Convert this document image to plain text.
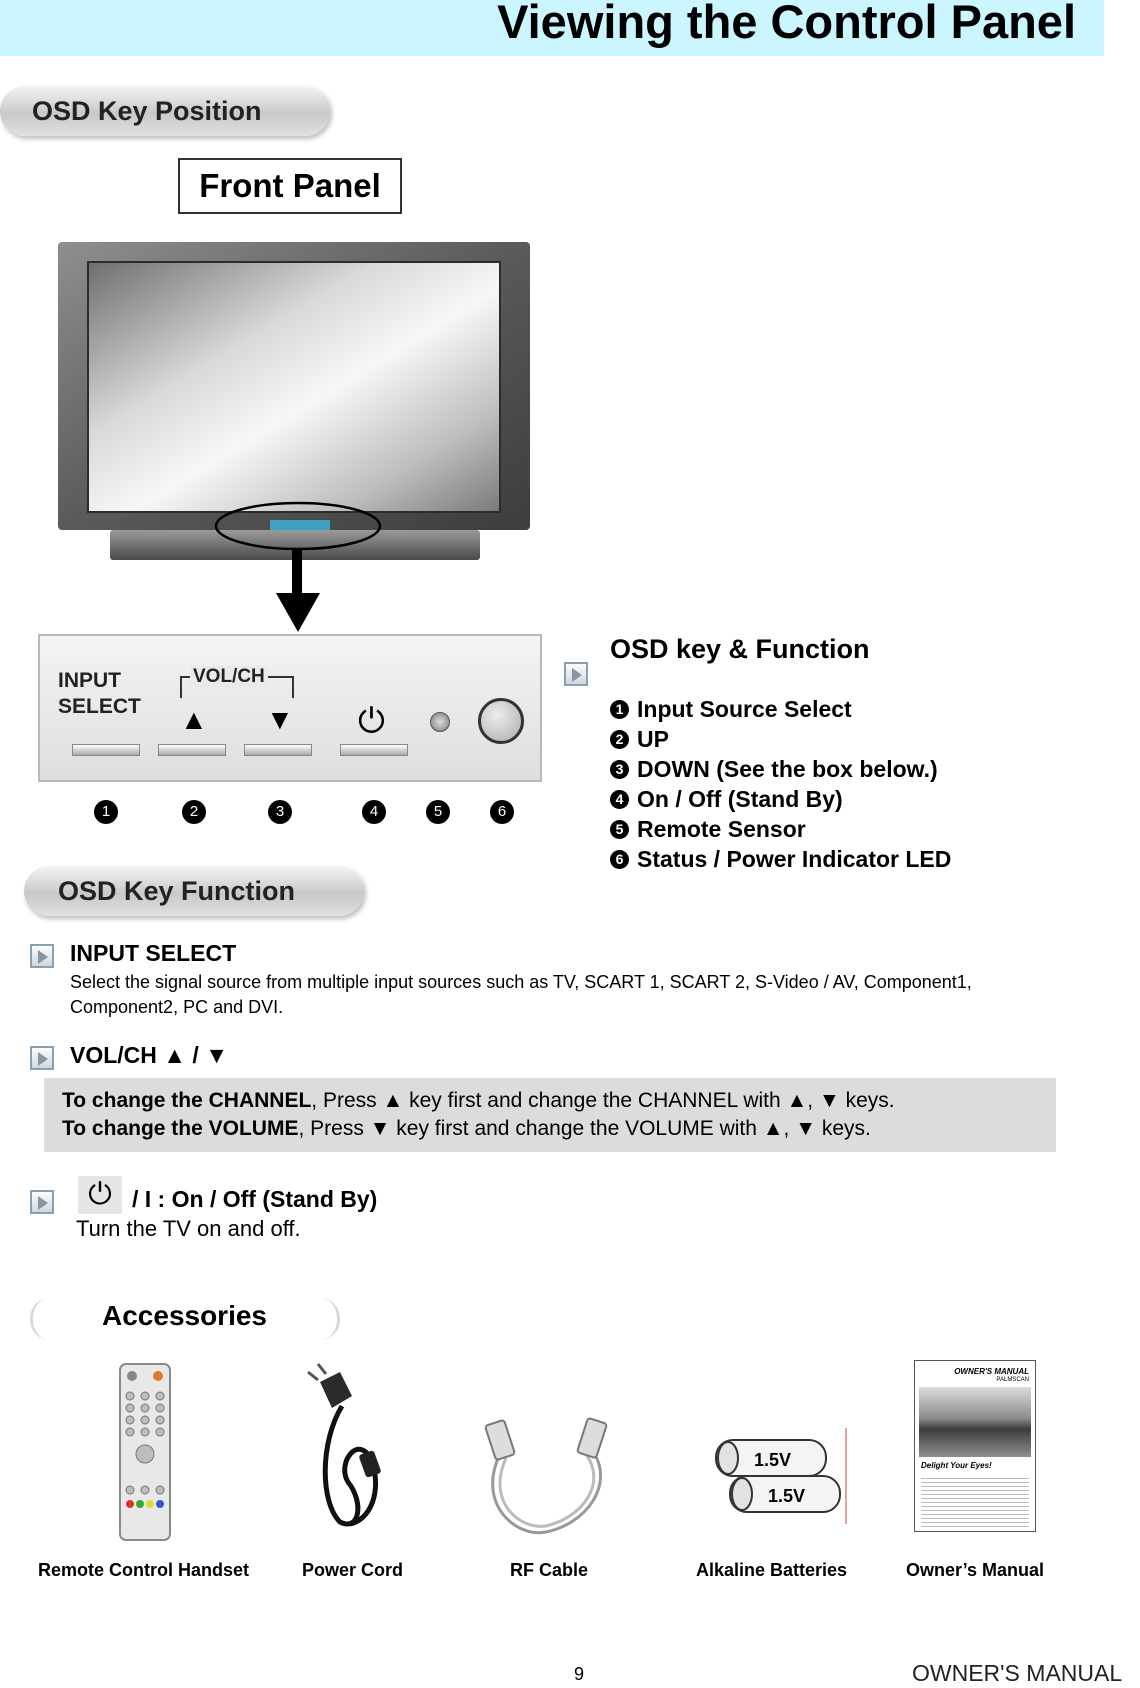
Viewing the Control Panel
OSD Key Position
Front Panel
INPUT
SELECT
VOL/CH
▲ ▼ ⏻
1	2	3	4	5	6
OSD key & Function
1 Input Source Select
2 UP
3 DOWN (See the box below.)
4 On / Off (Stand By)
5 Remote Sensor
6 Status / Power Indicator LED
OSD Key Function
INPUT SELECT
Select the signal source from multiple input sources such as TV, SCART 1, SCART 2, S-Video / AV, Component1, Component2, PC and DVI.
VOL/CH ▲ / ▼
To change the CHANNEL, Press ▲ key first and change the CHANNEL with ▲, ▼ keys.
To change the VOLUME, Press ▼ key first and change the VOLUME with ▲, ▼ keys.
⏻ / I : On / Off (Stand By)
Turn the TV on and off.
Accessories
1.5V
1.5V
OWNER'S MANUAL
PALMSCAN
Delight Your Eyes!
Remote Control Handset	Power Cord	RF Cable	Alkaline Batteries	Owner’s Manual
9	OWNER'S MANUAL
